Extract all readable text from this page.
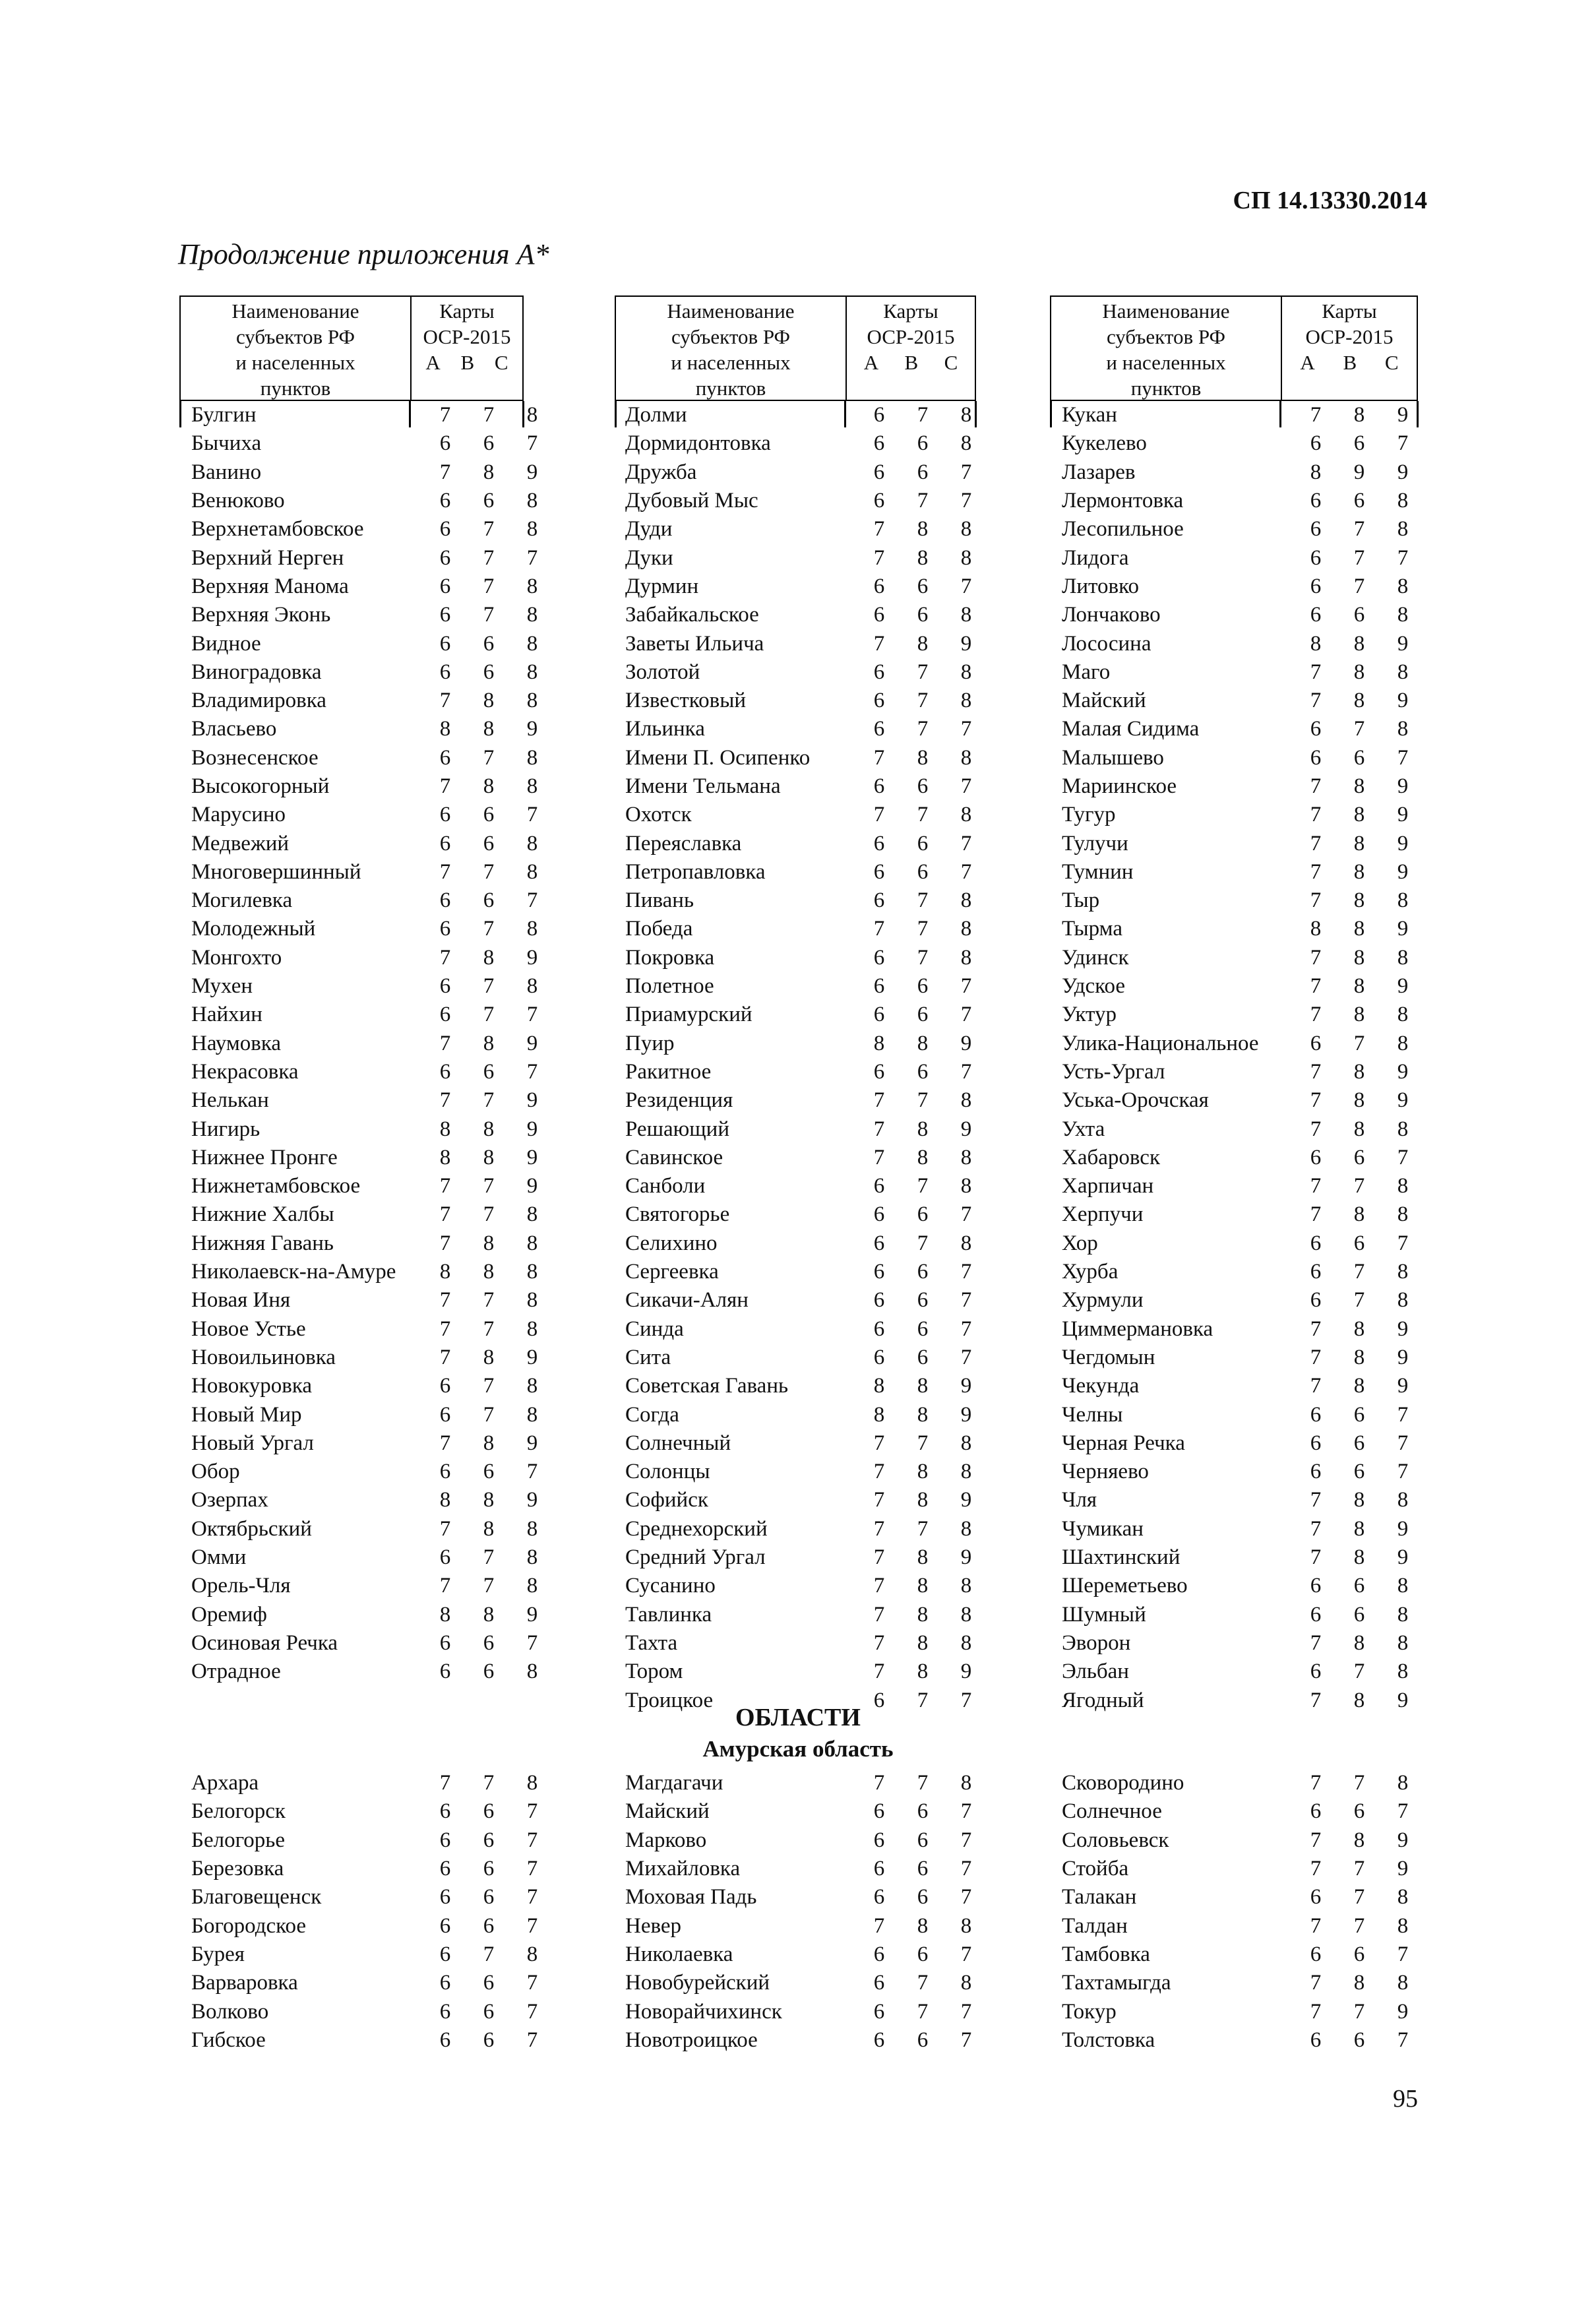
СП 14.13330.2014
Продолжение приложения А*
Наименование
субъектов РФ
и населенных
пунктов
Карты
ОСР-2015
А В С
Наименование
субъектов РФ
и населенных
пунктов
Карты
ОСР-2015
А В С
Наименование
субъектов РФ
и населенных
пунктов
Карты
ОСР-2015
А В С
Булгин	7	7	8
Бычиха	6	6	7
Ванино	7	8	9
Венюково	6	6	8
Верхнетамбовское	6	7	8
Верхний Нерген	6	7	7
Верхняя Манома	6	7	8
Верхняя Эконь	6	7	8
Видное	6	6	8
Виноградовка	6	6	8
Владимировка	7	8	8
Власьево	8	8	9
Вознесенское	6	7	8
Высокогорный	7	8	8
Марусино	6	6	7
Медвежий	6	6	8
Многовершинный	7	7	8
Могилевка	6	6	7
Молодежный	6	7	8
Монгохто	7	8	9
Мухен	6	7	8
Найхин	6	7	7
Наумовка	7	8	9
Некрасовка	6	6	7
Нелькан	7	7	9
Нигирь	8	8	9
Нижнее Пронге	8	8	9
Нижнетамбовское	7	7	9
Нижние Халбы	7	7	8
Нижняя Гавань	7	8	8
Николаевск-на-Амуре	8	8	8
Новая Иня	7	7	8
Новое Устье	7	7	8
Новоильиновка	7	8	9
Новокуровка	6	7	8
Новый Мир	6	7	8
Новый Ургал	7	8	9
Обор	6	6	7
Озерпах	8	8	9
Октябрьский	7	8	8
Омми	6	7	8
Орель-Чля	7	7	8
Оремиф	8	8	9
Осиновая Речка	6	6	7
Отрадное	6	6	8
Долми	6	7	8
Дормидонтовка	6	6	8
Дружба	6	6	7
Дубовый Мыс	6	7	7
Дуди	7	8	8
Дуки	7	8	8
Дурмин	6	6	7
Забайкальское	6	6	8
Заветы Ильича	7	8	9
Золотой	6	7	8
Известковый	6	7	8
Ильинка	6	7	7
Имени П. Осипенко	7	8	8
Имени Тельмана	6	6	7
Охотск	7	7	8
Переяславка	6	6	7
Петропавловка	6	6	7
Пивань	6	7	8
Победа	7	7	8
Покровка	6	7	8
Полетное	6	6	7
Приамурский	6	6	7
Пуир	8	8	9
Ракитное	6	6	7
Резиденция	7	7	8
Решающий	7	8	9
Савинское	7	8	8
Санболи	6	7	8
Святогорье	6	6	7
Селихино	6	7	8
Сергеевка	6	6	7
Сикачи-Алян	6	6	7
Синда	6	6	7
Сита	6	6	7
Советская Гавань	8	8	9
Согда	8	8	9
Солнечный	7	7	8
Солонцы	7	8	8
Софийск	7	8	9
Среднехорский	7	7	8
Средний Ургал	7	8	9
Сусанино	7	8	8
Тавлинка	7	8	8
Тахта	7	8	8
Тором	7	8	9
Троицкое	6	7	7
Кукан	7	8	9
Кукелево	6	6	7
Лазарев	8	9	9
Лермонтовка	6	6	8
Лесопильное	6	7	8
Лидога	6	7	7
Литовко	6	7	8
Лончаково	6	6	8
Лососина	8	8	9
Маго	7	8	8
Майский	7	8	9
Малая Сидима	6	7	8
Малышево	6	6	7
Мариинское	7	8	9
Тугур	7	8	9
Тулучи	7	8	9
Тумнин	7	8	9
Тыр	7	8	8
Тырма	8	8	9
Удинск	7	8	8
Удское	7	8	9
Уктур	7	8	8
Улика-Национальное	6	7	8
Усть-Ургал	7	8	9
Уська-Орочская	7	8	9
Ухта	7	8	8
Хабаровск	6	6	7
Харпичан	7	7	8
Херпучи	7	8	8
Хор	6	6	7
Хурба	6	7	8
Хурмули	6	7	8
Циммермановка	7	8	9
Чегдомын	7	8	9
Чекунда	7	8	9
Челны	6	6	7
Черная Речка	6	6	7
Черняево	6	6	7
Чля	7	8	8
Чумикан	7	8	9
Шахтинский	7	8	9
Шереметьево	6	6	8
Шумный	6	6	8
Эворон	7	8	8
Эльбан	6	7	8
Ягодный	7	8	9
ОБЛАСТИ
Амурская область
Архара	7	7	8
Белогорск	6	6	7
Белогорье	6	6	7
Березовка	6	6	7
Благовещенск	6	6	7
Богородское	6	6	7
Бурея	6	7	8
Варваровка	6	6	7
Волково	6	6	7
Гибское	6	6	7
Магдагачи	7	7	8
Майский	6	6	7
Марково	6	6	7
Михайловка	6	6	7
Моховая Падь	6	6	7
Невер	7	8	8
Николаевка	6	6	7
Новобурейский	6	7	8
Новорайчихинск	6	7	7
Новотроицкое	6	6	7
Сковородино	7	7	8
Солнечное	6	6	7
Соловьевск	7	8	9
Стойба	7	7	9
Талакан	6	7	8
Талдан	7	7	8
Тамбовка	6	6	7
Тахтамыгда	7	8	8
Токур	7	7	9
Толстовка	6	6	7
95
